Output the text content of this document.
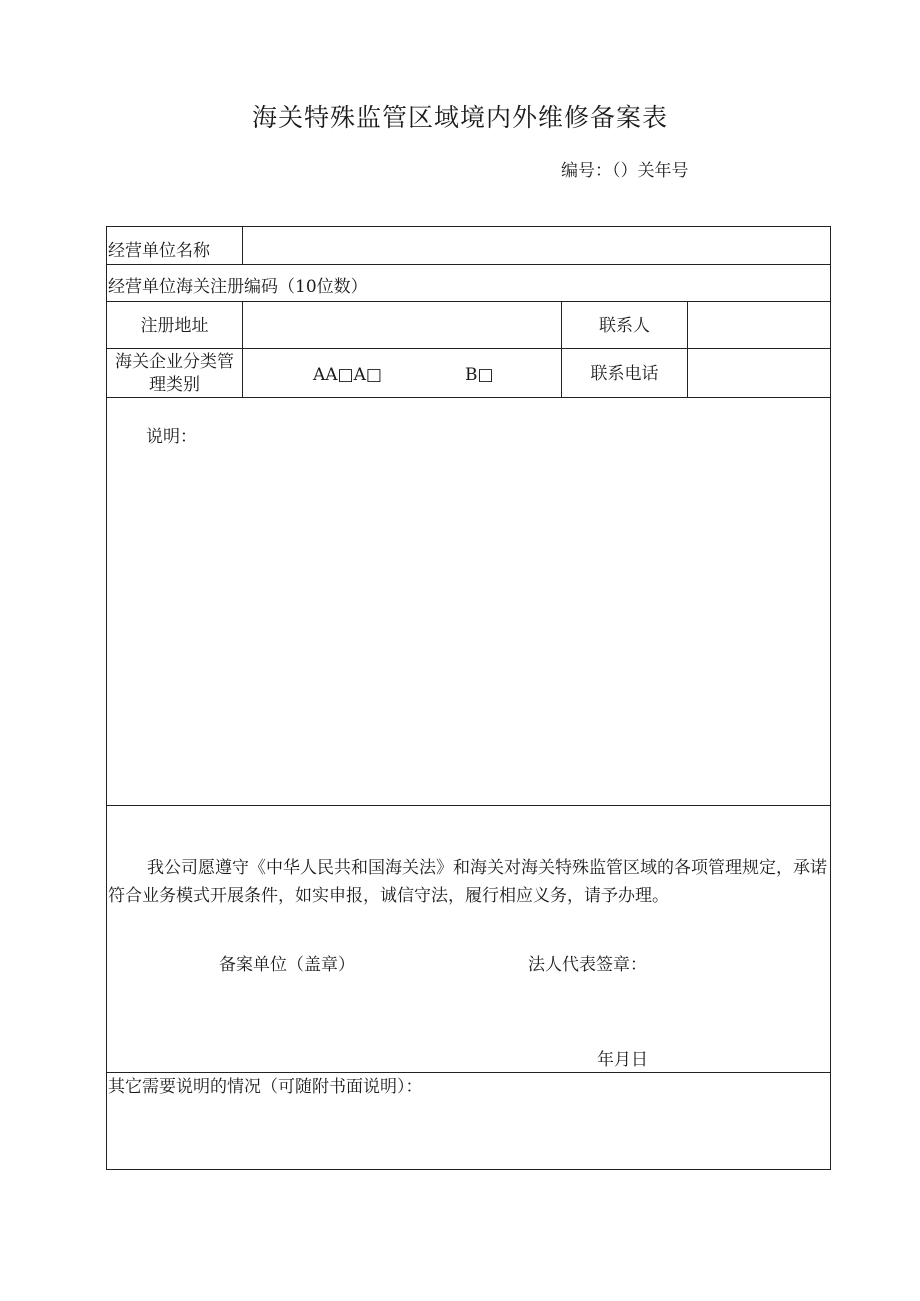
海关特殊监管区域境内外维修备案表
编号：（）关年号
经营单位名称
经营单位海关注册编码（10位数）
注册地址	联系人
海关企业分类管
理类别	AA□A□	B□	联系电话
说明：
我公司愿遵守《中华人民共和国海关法》和海关对海关特殊监管区域的各项管理规定，承诺符合业务模式开展条件，如实申报，诚信守法，履行相应义务，请予办理。
备案单位（盖章）	法人代表签章：
年月日
其它需要说明的情况（可随附书面说明）：
